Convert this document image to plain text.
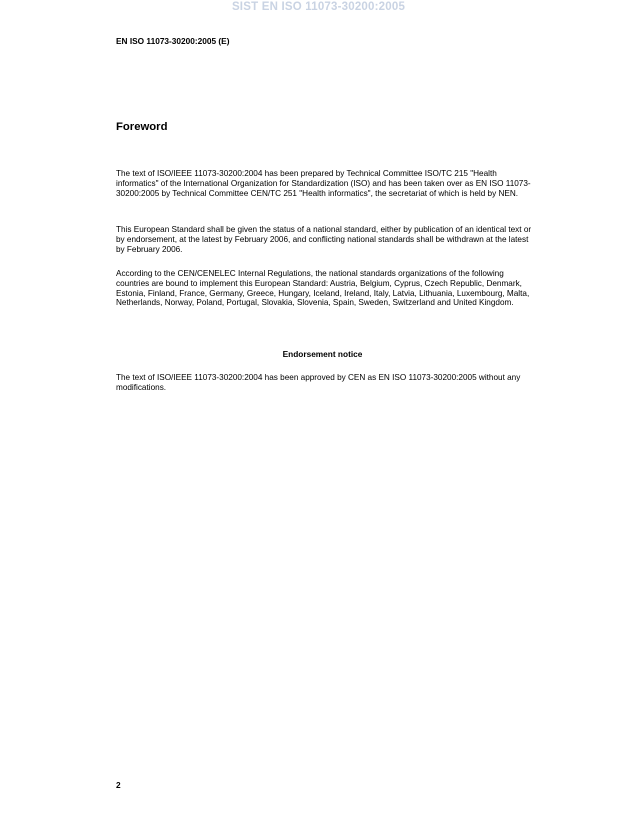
SIST EN ISO 11073-30200:2005
EN ISO 11073-30200:2005 (E)
Foreword
The text of ISO/IEEE 11073-30200:2004 has been prepared by Technical Committee ISO/TC 215 "Health informatics" of the International Organization for Standardization (ISO) and has been taken over as EN ISO 11073-30200:2005 by Technical Committee CEN/TC 251 "Health informatics", the secretariat of which is held by NEN.
This European Standard shall be given the status of a national standard, either by publication of an identical text or by endorsement, at the latest by February 2006, and conflicting national standards shall be withdrawn at the latest by February 2006.
According to the CEN/CENELEC Internal Regulations, the national standards organizations of the following countries are bound to implement this European Standard: Austria, Belgium, Cyprus, Czech Republic, Denmark, Estonia, Finland, France, Germany, Greece, Hungary, Iceland, Ireland, Italy, Latvia, Lithuania, Luxembourg, Malta, Netherlands, Norway, Poland, Portugal, Slovakia, Slovenia, Spain, Sweden, Switzerland and United Kingdom.
Endorsement notice
The text of ISO/IEEE 11073-30200:2004 has been approved by CEN as EN ISO 11073-30200:2005 without any modifications.
2
